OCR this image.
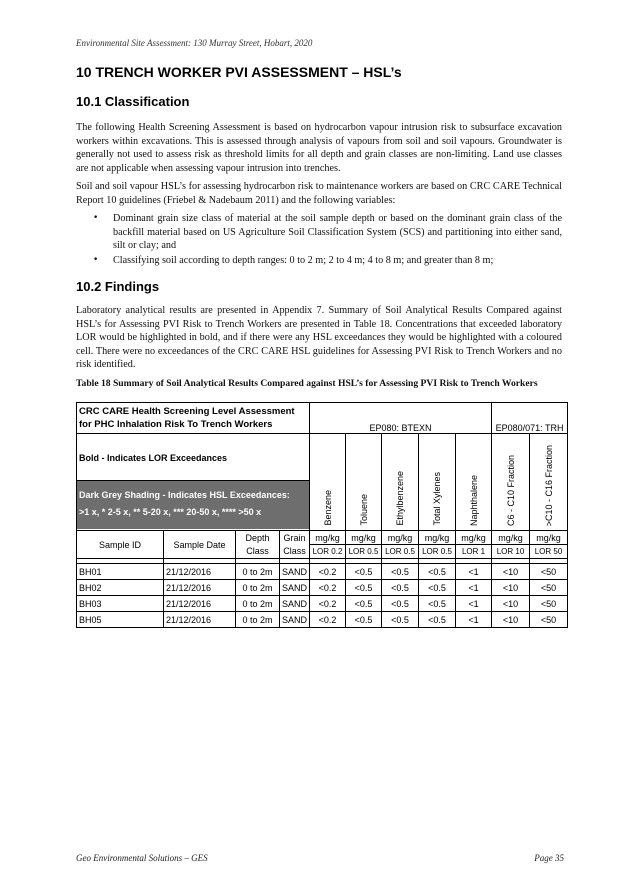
Environmental Site Assessment: 130 Murray Street, Hobart, 2020
10 TRENCH WORKER PVI ASSESSMENT – HSL’s
10.1 Classification

The following Health Screening Assessment is based on hydrocarbon vapour intrusion risk to subsurface excavation workers within excavations. This is assessed through analysis of vapours from soil and soil vapours. Groundwater is generally not used to assess risk as threshold limits for all depth and grain classes are non-limiting. Land use classes are not applicable when assessing vapour intrusion into trenches.

Soil and soil vapour HSL’s for assessing hydrocarbon risk to maintenance workers are based on CRC CARE Technical Report 10 guidelines (Friebel & Nadebaum 2011) and the following variables:

• Dominant grain size class of material at the soil sample depth or based on the dominant grain class of the backfill material based on US Agriculture Soil Classification System (SCS) and partitioning into either sand, silt or clay; and
• Classifying soil according to depth ranges: 0 to 2 m; 2 to 4 m; 4 to 8 m; and greater than 8 m;
10.2 Findings

Laboratory analytical results are presented in Appendix 7. Summary of Soil Analytical Results Compared against HSL’s for Assessing PVI Risk to Trench Workers are presented in Table 18. Concentrations that exceeded laboratory LOR would be highlighted in bold, and if there were any HSL exceedances they would be highlighted with a coloured cell. There were no exceedances of the CRC CARE HSL guidelines for Assessing PVI Risk to Trench Workers and no risk identified.

Table 18 Summary of Soil Analytical Results Compared against HSL’s for Assessing PVI Risk to Trench Workers

CRC CARE Health Screening Level Assessment
for PHC Inhalation Risk To Trench Workers				EP080: BTEXN					EP080/071: TRH	

Bold - Indicates LOR Exceedances
Dark Grey Shading - Indicates HSL Exceedances:
>1 x, * 2-5 x, ** 5-20 x, *** 20-50 x, **** >50 x				Benzene	Toluene	Ethylbenzene	Total Xylenes	Naphthalene	C6 - C10 Fraction	>C10 - C16 Fraction
Sample ID	Sample Date	Depth	Grain	mg/kg	mg/kg	mg/kg	mg/kg	mg/kg	mg/kg	mg/kg
		Class	Class	LOR 0.2	LOR 0.5	LOR 0.5	LOR 0.5	LOR 1	LOR 10	LOR 50

BH01	21/12/2016	0 to 2m	SAND	<0.2	<0.5	<0.5	<0.5	<1	<10	<50
BH02	21/12/2016	0 to 2m	SAND	<0.2	<0.5	<0.5	<0.5	<1	<10	<50
BH03	21/12/2016	0 to 2m	SAND	<0.2	<0.5	<0.5	<0.5	<1	<10	<50
BH05	21/12/2016	0 to 2m	SAND	<0.2	<0.5	<0.5	<0.5	<1	<10	<50
Geo Environmental Solutions – GES	Page 35
